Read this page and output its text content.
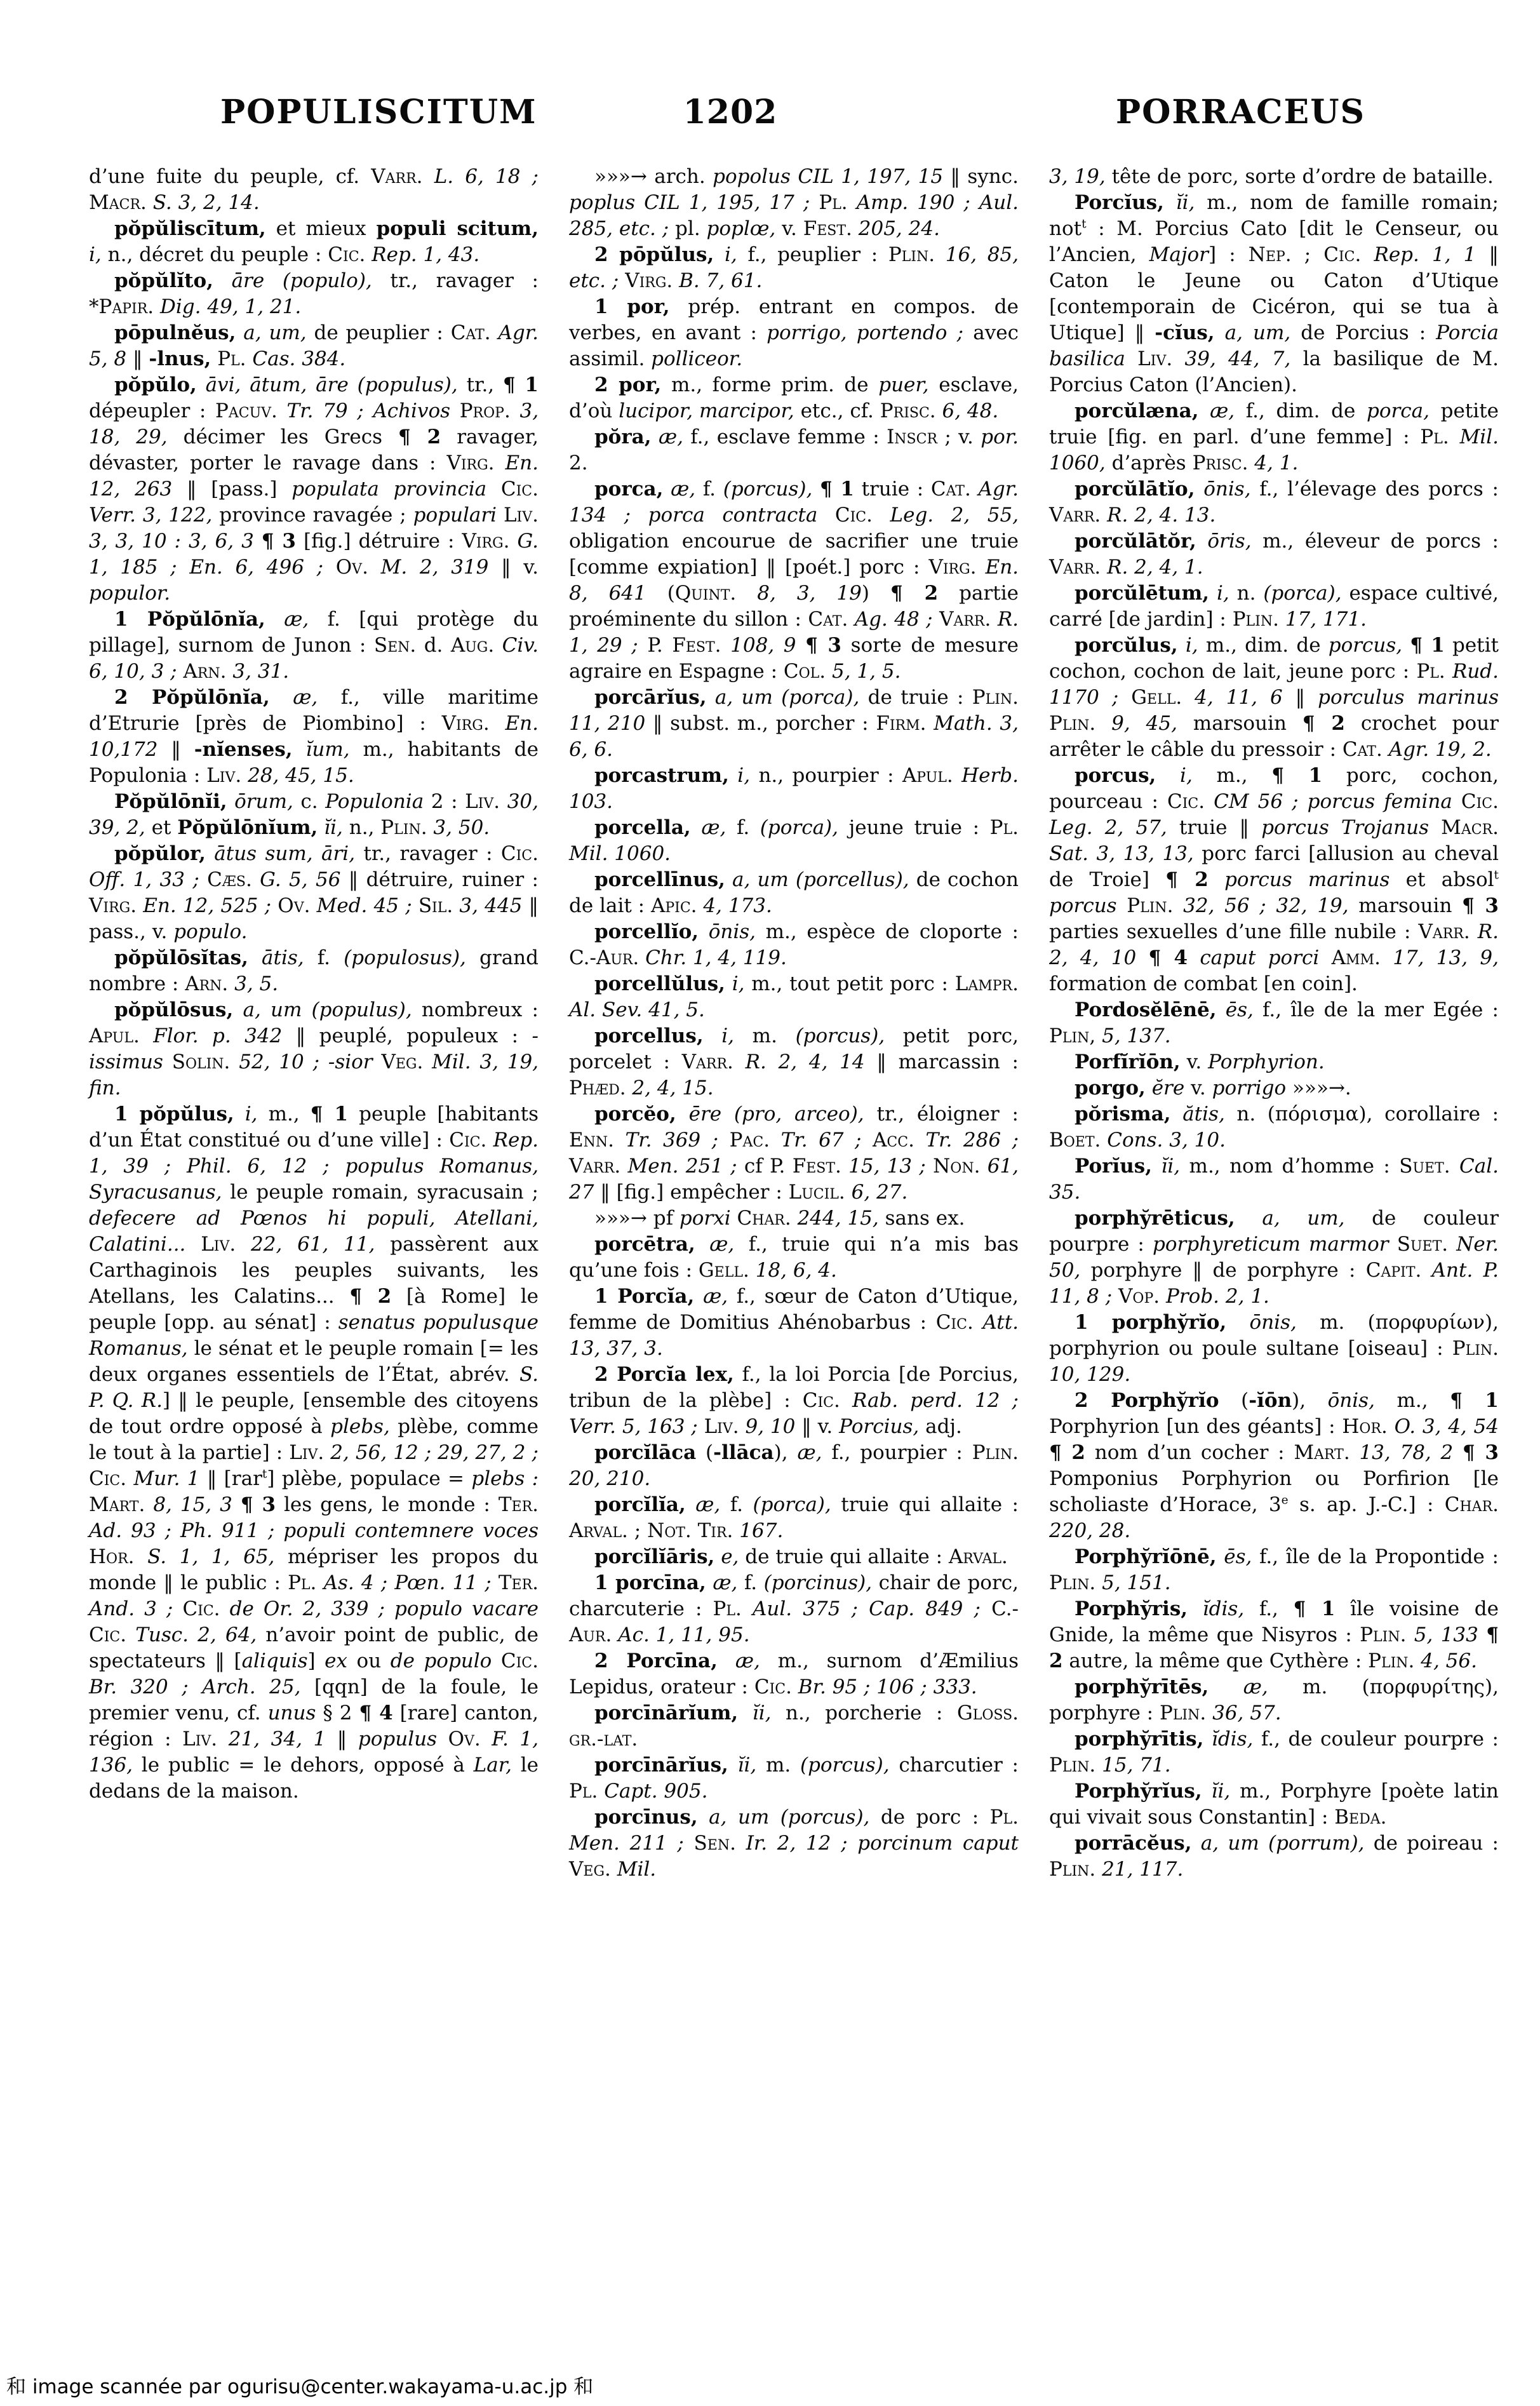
POPULISCITUM	1202	PORRACEUS

d’une fuite du peuple, cf. Varr. L. 6, 18 ; Macr. S. 3, 2, 14.

pŏpŭliscītum, et mieux populi scitum, i, n., décret du peuple : Cic. Rep. 1, 43.

pŏpŭlĭto, āre (populo), tr., ravager : *Papir. Dig. 49, 1, 21.

pōpulnĕus, a, um, de peuplier : Cat. Agr. 5, 8 ‖ -lnus, Pl. Cas. 384.

pŏpŭlo, āvi, ātum, āre (populus), tr., ¶ 1 dépeupler : Pacuv. Tr. 79 ; Achivos Prop. 3, 18, 29, décimer les Grecs ¶ 2 ravager, dévaster, porter le ravage dans : Virg. En. 12, 263 ‖ [pass.] populata provincia Cic. Verr. 3, 122, province ravagée ; populari Liv. 3, 3, 10 : 3, 6, 3 ¶ 3 [fig.] détruire : Virg. G. 1, 185 ; En. 6, 496 ; Ov. M. 2, 319 ‖ v. populor.

1 Pŏpŭlōnĭa, æ, f. [qui protège du pillage], surnom de Junon : Sen. d. Aug. Civ. 6, 10, 3 ; Arn. 3, 31.

2 Pŏpŭlōnĭa, æ, f., ville maritime d’Etrurie [près de Piombino] : Virg. En. 10,172 ‖ -nĭenses, ĭum, m., habitants de Populonia : Liv. 28, 45, 15.

Pŏpŭlōnĭi, ōrum, c. Populonia 2 : Liv. 30, 39, 2, et Pŏpŭlōnĭum, ĭi, n., Plin. 3, 50.

pŏpŭlor, ātus sum, āri, tr., ravager : Cic. Off. 1, 33 ; Cæs. G. 5, 56 ‖ détruire, ruiner : Virg. En. 12, 525 ; Ov. Med. 45 ; Sil. 3, 445 ‖ pass., v. populo.

pŏpŭlōsĭtas, ātis, f. (populosus), grand nombre : Arn. 3, 5.

pŏpŭlōsus, a, um (populus), nombreux : Apul. Flor. p. 342 ‖ peuplé, populeux : -issimus Solin. 52, 10 ; -sior Veg. Mil. 3, 19, fin.

1 pŏpŭlus, i, m., ¶ 1 peuple [habitants d’un État constitué ou d’une ville] : Cic. Rep. 1, 39 ; Phil. 6, 12 ; populus Romanus, Syracusanus, le peuple romain, syracusain ; defecere ad Pœnos hi populi, Atellani, Calatini... Liv. 22, 61, 11, passèrent aux Carthaginois les peuples suivants, les Atellans, les Calatins... ¶ 2 [à Rome] le peuple [opp. au sénat] : senatus populusque Romanus, le sénat et le peuple romain [= les deux organes essentiels de l’État, abrév. S. P. Q. R.] ‖ le peuple, [ensemble des citoyens de tout ordre opposé à plebs, plèbe, comme le tout à la partie] : Liv. 2, 56, 12 ; 29, 27, 2 ; Cic. Mur. 1 ‖ [rar$^t$] plèbe, populace = plebs : Mart. 8, 15, 3 ¶ 3 les gens, le monde : Ter. Ad. 93 ; Ph. 911 ; populi contemnere voces Hor. S. 1, 1, 65, mépriser les propos du monde ‖ le public : Pl. As. 4 ; Pœn. 11 ; Ter. And. 3 ; Cic. de Or. 2, 339 ; populo vacare Cic. Tusc. 2, 64, n’avoir point de public, de spectateurs ‖ [aliquis] ex ou de populo Cic. Br. 320 ; Arch. 25, [qqn] de la foule, le premier venu, cf. unus § 2 ¶ 4 [rare] canton, région : Liv. 21, 34, 1 ‖ populus Ov. F. 1, 136, le public = le dehors, opposé à Lar, le dedans de la maison.

»»»→ arch. popolus CIL 1, 197, 15 ‖ sync. poplus CIL 1, 195, 17 ; Pl. Amp. 190 ; Aul. 285, etc. ; pl. poplœ, v. Fest. 205, 24.

2 pōpŭlus, i, f., peuplier : Plin. 16, 85, etc. ; Virg. B. 7, 61.

1 por, prép. entrant en compos. de verbes, en avant : porrigo, portendo ; avec assimil. polliceor.

2 por, m., forme prim. de puer, esclave, d’où lucipor, marcipor, etc., cf. Prisc. 6, 48.

pŏra, æ, f., esclave femme : Inscr ; v. por. 2.

porca, æ, f. (porcus), ¶ 1 truie : Cat. Agr. 134 ; porca contracta Cic. Leg. 2, 55, obligation encourue de sacrifier une truie [comme expiation] ‖ [poét.] porc : Virg. En. 8, 641 (Quint. 8, 3, 19) ¶ 2 partie proéminente du sillon : Cat. Ag. 48 ; Varr. R. 1, 29 ; P. Fest. 108, 9 ¶ 3 sorte de mesure agraire en Espagne : Col. 5, 1, 5.

porcārĭus, a, um (porca), de truie : Plin. 11, 210 ‖ subst. m., porcher : Firm. Math. 3, 6, 6.

porcastrum, i, n., pourpier : Apul. Herb. 103.

porcella, æ, f. (porca), jeune truie : Pl. Mil. 1060.

porcellīnus, a, um (porcellus), de cochon de lait : Apic. 4, 173.

porcellĭo, ōnis, m., espèce de cloporte : C.-Aur. Chr. 1, 4, 119.

porcellŭlus, i, m., tout petit porc : Lampr. Al. Sev. 41, 5.

porcellus, i, m. (porcus), petit porc, porcelet : Varr. R. 2, 4, 14 ‖ marcassin : Phæd. 2, 4, 15.

porcĕo, ēre (pro, arceo), tr., éloigner : Enn. Tr. 369 ; Pac. Tr. 67 ; Acc. Tr. 286 ; Varr. Men. 251 ; cf P. Fest. 15, 13 ; Non. 61, 27 ‖ [fig.] empêcher : Lucil. 6, 27.

»»»→ pf porxi Char. 244, 15, sans ex.

porcētra, æ, f., truie qui n’a mis bas qu’une fois : Gell. 18, 6, 4.

1 Porcĭa, æ, f., sœur de Caton d’Utique, femme de Domitius Ahénobarbus : Cic. Att. 13, 37, 3.

2 Porcĭa lex, f., la loi Porcia [de Porcius, tribun de la plèbe] : Cic. Rab. perd. 12 ; Verr. 5, 163 ; Liv. 9, 10 ‖ v. Porcius, adj.

porcĭlāca (-llāca), æ, f., pourpier : Plin. 20, 210.

porcĭlĭa, æ, f. (porca), truie qui allaite : Arval. ; Not. Tir. 167.

porcĭlĭāris, e, de truie qui allaite : Arval.

1 porcīna, æ, f. (porcinus), chair de porc, charcuterie : Pl. Aul. 375 ; Cap. 849 ; C.-Aur. Ac. 1, 11, 95.

2 Porcīna, æ, m., surnom d’Æmilius Lepidus, orateur : Cic. Br. 95 ; 106 ; 333.

porcīnārĭum, ĭi, n., porcherie : Gloss. gr.-lat.

porcīnārĭus, ĭi, m. (porcus), charcutier : Pl. Capt. 905.

porcīnus, a, um (porcus), de porc : Pl. Men. 211 ; Sen. Ir. 2, 12 ; porcinum caput Veg. Mil.

3, 19, tête de porc, sorte d’ordre de bataille.

Porcĭus, ĭi, m., nom de famille romain; not$^t$ : M. Porcius Cato [dit le Censeur, ou l’Ancien, Major] : Nep. ; Cic. Rep. 1, 1 ‖ Caton le Jeune ou Caton d’Utique [contemporain de Cicéron, qui se tua à Utique] ‖ -cĭus, a, um, de Porcius : Porcia basilica Liv. 39, 44, 7, la basilique de M. Porcius Caton (l’Ancien).

porcŭlæna, æ, f., dim. de porca, petite truie [fig. en parl. d’une femme] : Pl. Mil. 1060, d’après Prisc. 4, 1.

porcŭlātĭo, ōnis, f., l’élevage des porcs : Varr. R. 2, 4. 13.

porcŭlātŏr, ōris, m., éleveur de porcs : Varr. R. 2, 4, 1.

porcŭlētum, i, n. (porca), espace cultivé, carré [de jardin] : Plin. 17, 171.

porcŭlus, i, m., dim. de porcus, ¶ 1 petit cochon, cochon de lait, jeune porc : Pl. Rud. 1170 ; Gell. 4, 11, 6 ‖ porculus marinus Plin. 9, 45, marsouin ¶ 2 crochet pour arrêter le câble du pressoir : Cat. Agr. 19, 2.

porcus, i, m., ¶ 1 porc, cochon, pourceau : Cic. CM 56 ; porcus femina Cic. Leg. 2, 57, truie ‖ porcus Trojanus Macr. Sat. 3, 13, 13, porc farci [allusion au cheval de Troie] ¶ 2 porcus marinus et absol$^t$ porcus Plin. 32, 56 ; 32, 19, marsouin ¶ 3 parties sexuelles d’une fille nubile : Varr. R. 2, 4, 10 ¶ 4 caput porci Amm. 17, 13, 9, formation de combat [en coin].

Pordosĕlēnē, ēs, f., île de la mer Egée : Plin, 5, 137.

Porfĭrĭōn, v. Porphyrion.

porgo, ĕre v. porrigo »»»→.

pŏrisma, ătis, n. (πόρισμα), corollaire : Boet. Cons. 3, 10.

Porĭus, ĭi, m., nom d’homme : Suet. Cal. 35.

porphy̆rēticus, a, um, de couleur pourpre : porphyreticum marmor Suet. Ner. 50, porphyre ‖ de porphyre : Capit. Ant. P. 11, 8 ; Vop. Prob. 2, 1.

1 porphy̆rĭo, ōnis, m. (πορφυρίων), porphyrion ou poule sultane [oiseau] : Plin. 10, 129.

2 Porphy̆rĭo (-ĭōn), ōnis, m., ¶ 1 Porphyrion [un des géants] : Hor. O. 3, 4, 54 ¶ 2 nom d’un cocher : Mart. 13, 78, 2 ¶ 3 Pomponius Porphyrion ou Porfirion [le scholiaste d’Horace, 3e s. ap. J.-C.] : Char. 220, 28.

Porphy̆rĭōnē, ēs, f., île de la Propontide : Plin. 5, 151.

Porphy̆ris, ĭdis, f., ¶ 1 île voisine de Gnide, la même que Nisyros : Plin. 5, 133 ¶ 2 autre, la même que Cythère : Plin. 4, 56.

porphy̆rītēs, æ, m. (πορφυρίτης), porphyre : Plin. 36, 57.

porphy̆rītis, ĭdis, f., de couleur pourpre : Plin. 15, 71.

Porphy̆rĭus, ĭi, m., Porphyre [poète latin qui vivait sous Constantin] : Beda.

porrācĕus, a, um (porrum), de poireau : Plin. 21, 117.

和 image scannée par ogurisu@center.wakayama-u.ac.jp 和
